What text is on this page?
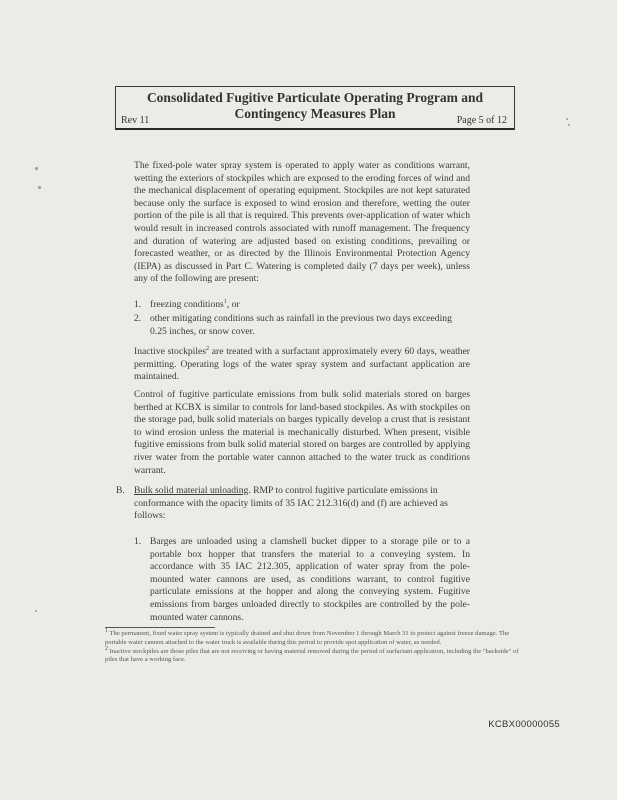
Consolidated Fugitive Particulate Operating Program and
Contingency Measures Plan
Rev 11	Page 5 of 12

The fixed-pole water spray system is operated to apply water as conditions warrant, wetting the exteriors of stockpiles which are exposed to the eroding forces of wind and the mechanical displacement of operating equipment. Stockpiles are not kept saturated because only the surface is exposed to wind erosion and therefore, wetting the outer portion of the pile is all that is required. This prevents over-application of water which would result in increased controls associated with runoff management. The frequency and duration of watering are adjusted based on existing conditions, prevailing or forecasted weather, or as directed by the Illinois Environmental Protection Agency (IEPA) as discussed in Part C. Watering is completed daily (7 days per week), unless any of the following are present:

1. freezing conditions$^1$, or
2. other mitigating conditions such as rainfall in the previous two days exceeding 0.25 inches, or snow cover.

Inactive stockpiles$^2$ are treated with a surfactant approximately every 60 days, weather permitting. Operating logs of the water spray system and surfactant application are maintained.

Control of fugitive particulate emissions from bulk solid materials stored on barges berthed at KCBX is similar to controls for land-based stockpiles. As with stockpiles on the storage pad, bulk solid materials on barges typically develop a crust that is resistant to wind erosion unless the material is mechanically disturbed. When present, visible fugitive emissions from bulk solid material stored on barges are controlled by applying river water from the portable water cannon attached to the water truck as conditions warrant.

B. Bulk solid material unloading. RMP to control fugitive particulate emissions in conformance with the opacity limits of 35 IAC 212.316(d) and (f) are achieved as follows:
1. Barges are unloaded using a clamshell bucket dipper to a storage pile or to a portable box hopper that transfers the material to a conveying system. In accordance with 35 IAC 212.305, application of water spray from the pole-mounted water cannons are used, as conditions warrant, to control fugitive particulate emissions at the hopper and along the conveying system. Fugitive emissions from barges unloaded directly to stockpiles are controlled by the pole-mounted water cannons.

$^1$ The permanent, fixed water spray system is typically drained and shut down from November 1 through March 31 to protect against freeze damage. The portable water cannon attached to the water truck is available during this period to provide spot application of water, as needed.

$^2$ Inactive stockpiles are those piles that are not receiving or having material removed during the period of surfactant application, including the "backside" of piles that have a working face.

KCBX00000055
